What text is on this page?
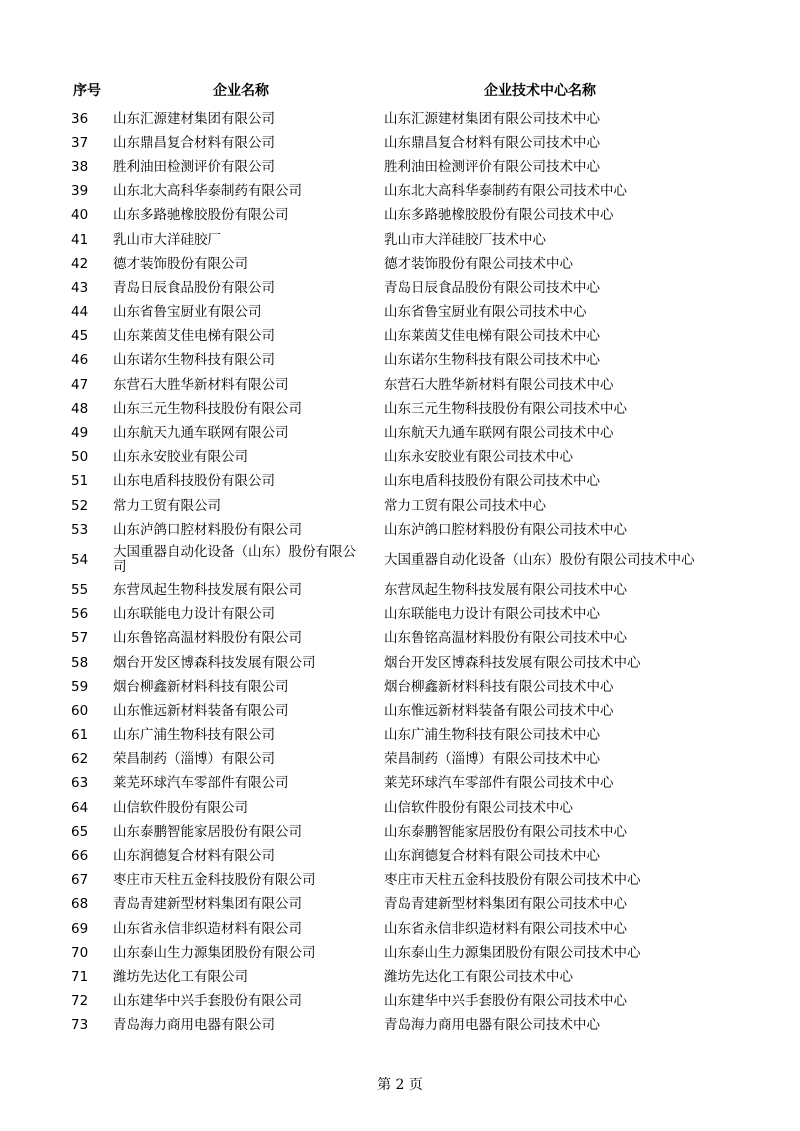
序号	企业名称	企业技术中心名称
36	山东汇源建材集团有限公司	山东汇源建材集团有限公司技术中心
37	山东鼎昌复合材料有限公司	山东鼎昌复合材料有限公司技术中心
38	胜利油田检测评价有限公司	胜利油田检测评价有限公司技术中心
39	山东北大高科华泰制药有限公司	山东北大高科华泰制药有限公司技术中心
40	山东多路驰橡胶股份有限公司	山东多路驰橡胶股份有限公司技术中心
41	乳山市大洋硅胶厂	乳山市大洋硅胶厂技术中心
42	德才装饰股份有限公司	德才装饰股份有限公司技术中心
43	青岛日辰食品股份有限公司	青岛日辰食品股份有限公司技术中心
44	山东省鲁宝厨业有限公司	山东省鲁宝厨业有限公司技术中心
45	山东莱茵艾佳电梯有限公司	山东莱茵艾佳电梯有限公司技术中心
46	山东诺尔生物科技有限公司	山东诺尔生物科技有限公司技术中心
47	东营石大胜华新材料有限公司	东营石大胜华新材料有限公司技术中心
48	山东三元生物科技股份有限公司	山东三元生物科技股份有限公司技术中心
49	山东航天九通车联网有限公司	山东航天九通车联网有限公司技术中心
50	山东永安胶业有限公司	山东永安胶业有限公司技术中心
51	山东电盾科技股份有限公司	山东电盾科技股份有限公司技术中心
52	常力工贸有限公司	常力工贸有限公司技术中心
53	山东泸鸽口腔材料股份有限公司	山东泸鸽口腔材料股份有限公司技术中心
54	大国重器自动化设备（山东）股份有限公司	大国重器自动化设备（山东）股份有限公司技术中心
55	东营凤起生物科技发展有限公司	东营凤起生物科技发展有限公司技术中心
56	山东联能电力设计有限公司	山东联能电力设计有限公司技术中心
57	山东鲁铭高温材料股份有限公司	山东鲁铭高温材料股份有限公司技术中心
58	烟台开发区博森科技发展有限公司	烟台开发区博森科技发展有限公司技术中心
59	烟台柳鑫新材料科技有限公司	烟台柳鑫新材料科技有限公司技术中心
60	山东惟远新材料装备有限公司	山东惟远新材料装备有限公司技术中心
61	山东广浦生物科技有限公司	山东广浦生物科技有限公司技术中心
62	荣昌制药（淄博）有限公司	荣昌制药（淄博）有限公司技术中心
63	莱芜环球汽车零部件有限公司	莱芜环球汽车零部件有限公司技术中心
64	山信软件股份有限公司	山信软件股份有限公司技术中心
65	山东泰鹏智能家居股份有限公司	山东泰鹏智能家居股份有限公司技术中心
66	山东润德复合材料有限公司	山东润德复合材料有限公司技术中心
67	枣庄市天柱五金科技股份有限公司	枣庄市天柱五金科技股份有限公司技术中心
68	青岛青建新型材料集团有限公司	青岛青建新型材料集团有限公司技术中心
69	山东省永信非织造材料有限公司	山东省永信非织造材料有限公司技术中心
70	山东泰山生力源集团股份有限公司	山东泰山生力源集团股份有限公司技术中心
71	潍坊先达化工有限公司	潍坊先达化工有限公司技术中心
72	山东建华中兴手套股份有限公司	山东建华中兴手套股份有限公司技术中心
73	青岛海力商用电器有限公司	青岛海力商用电器有限公司技术中心
第 2 页
